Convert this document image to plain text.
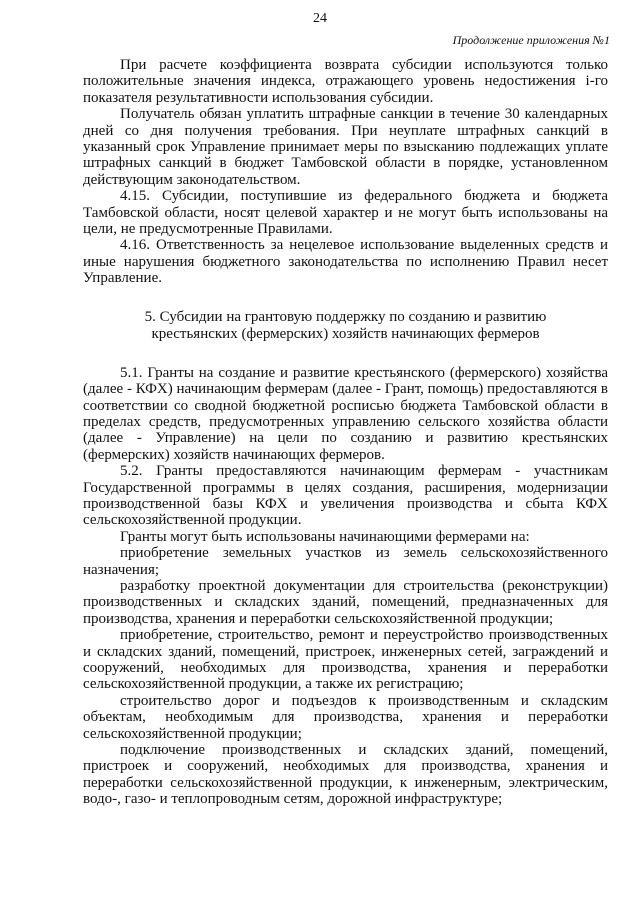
24
Продолжение приложения №1

При расчете коэффициента возврата субсидии используются только положительные значения индекса, отражающего уровень недостижения i-го показателя результативности использования субсидии.

Получатель обязан уплатить штрафные санкции в течение 30 календарных дней со дня получения требования. При неуплате штрафных санкций в указанный срок Управление принимает меры по взысканию подлежащих уплате штрафных санкций в бюджет Тамбовской области в порядке, установленном действующим законодательством.

4.15. Субсидии, поступившие из федерального бюджета и бюджета Тамбовской области, носят целевой характер и не могут быть использованы на цели, не предусмотренные Правилами.

4.16. Ответственность за нецелевое использование выделенных средств и иные нарушения бюджетного законодательства по исполнению Правил несет Управление.

5. Субсидии на грантовую поддержку по созданию и развитию крестьянских (фермерских) хозяйств начинающих фермеров

5.1. Гранты на создание и развитие крестьянского (фермерского) хозяйства (далее - КФХ) начинающим фермерам (далее - Грант, помощь) предоставляются в соответствии со сводной бюджетной росписью бюджета Тамбовской области в пределах средств, предусмотренных управлению сельского хозяйства области (далее - Управление) на цели по созданию и развитию крестьянских (фермерских) хозяйств начинающих фермеров.

5.2. Гранты предоставляются начинающим фермерам - участникам Государственной программы в целях создания, расширения, модернизации производственной базы КФХ и увеличения производства и сбыта КФХ сельскохозяйственной продукции.

Гранты могут быть использованы начинающими фермерами на:

приобретение земельных участков из земель сельскохозяйственного назначения;

разработку проектной документации для строительства (реконструкции) производственных и складских зданий, помещений, предназначенных для производства, хранения и переработки сельскохозяйственной продукции;

приобретение, строительство, ремонт и переустройство производственных и складских зданий, помещений, пристроек, инженерных сетей, заграждений и сооружений, необходимых для производства, хранения и переработки сельскохозяйственной продукции, а также их регистрацию;

строительство дорог и подъездов к производственным и складским объектам, необходимым для производства, хранения и переработки сельскохозяйственной продукции;

подключение производственных и складских зданий, помещений, пристроек и сооружений, необходимых для производства, хранения и переработки сельскохозяйственной продукции, к инженерным, электрическим, водо-, газо- и теплопроводным сетям, дорожной инфраструктуре;
